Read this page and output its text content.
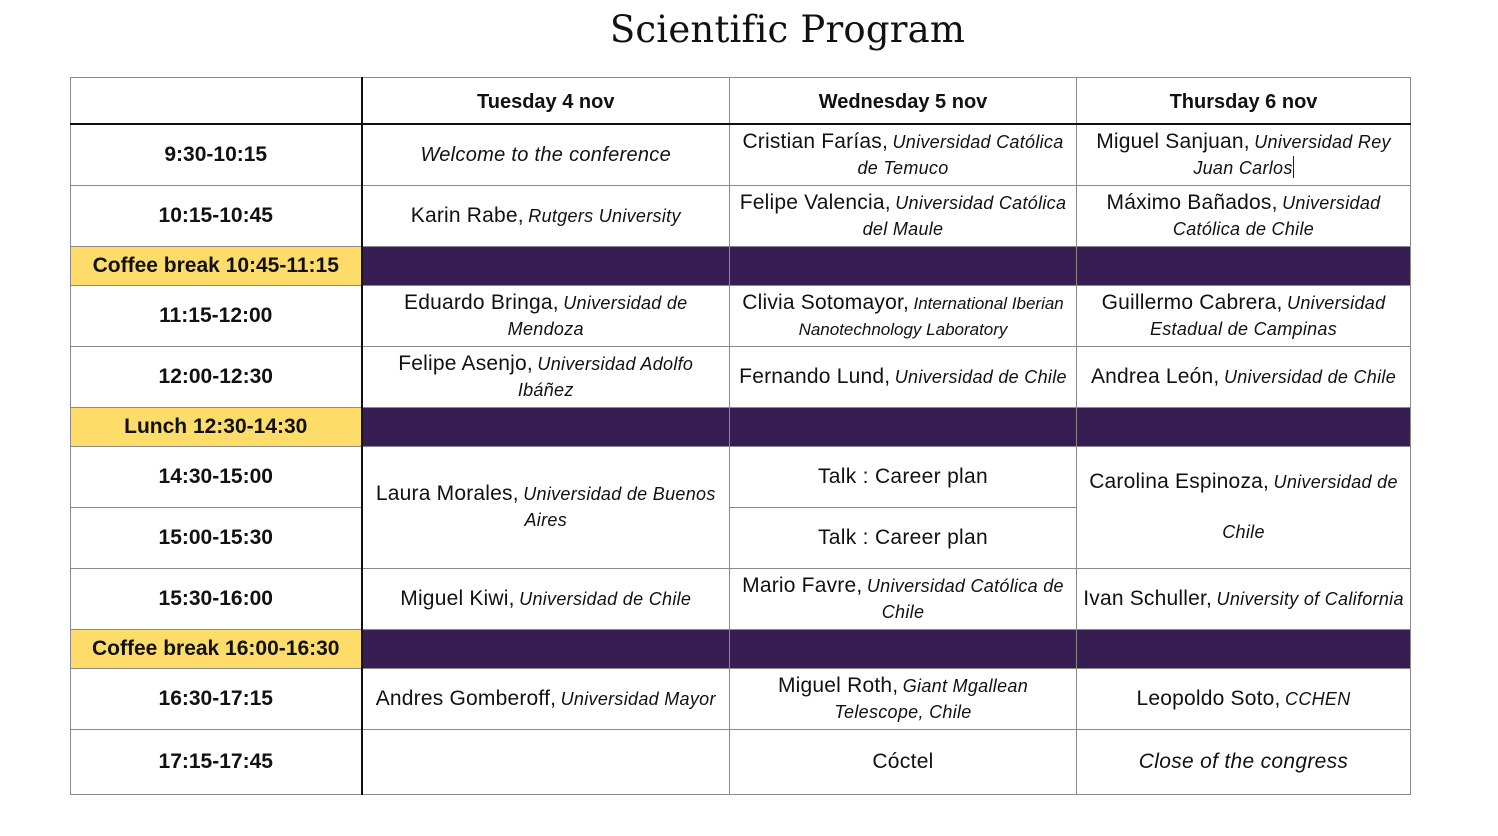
Scientific Program
	Tuesday 4 nov	Wednesday 5 nov	Thursday 6 nov
9:30-10:15	Welcome to the conference	Cristian Farías, Universidad Católica de Temuco	Miguel Sanjuan, Universidad Rey Juan Carlos
10:15-10:45	Karin Rabe, Rutgers University	Felipe Valencia, Universidad Católica del Maule	Máximo Bañados, Universidad Católica de Chile
Coffee break 10:45-11:15			
11:15-12:00	Eduardo Bringa, Universidad de Mendoza	Clivia Sotomayor, International Iberian Nanotechnology Laboratory	Guillermo Cabrera, Universidad Estadual de Campinas
12:00-12:30	Felipe Asenjo, Universidad Adolfo Ibáñez	Fernando Lund, Universidad de Chile	Andrea León, Universidad de Chile
Lunch 12:30-14:30			
14:30-15:00	Laura Morales, Universidad de Buenos Aires	Talk : Career plan	Carolina Espinoza, Universidad de Chile
15:00-15:30		Talk : Career plan	
15:30-16:00	Miguel Kiwi, Universidad de Chile	Mario Favre, Universidad Católica de Chile	Ivan Schuller, University of California
Coffee break 16:00-16:30			
16:30-17:15	Andres Gomberoff, Universidad Mayor	Miguel Roth, Giant Mgallean Telescope, Chile	Leopoldo Soto, CCHEN
17:15-17:45		Cóctel	Close of the congress
